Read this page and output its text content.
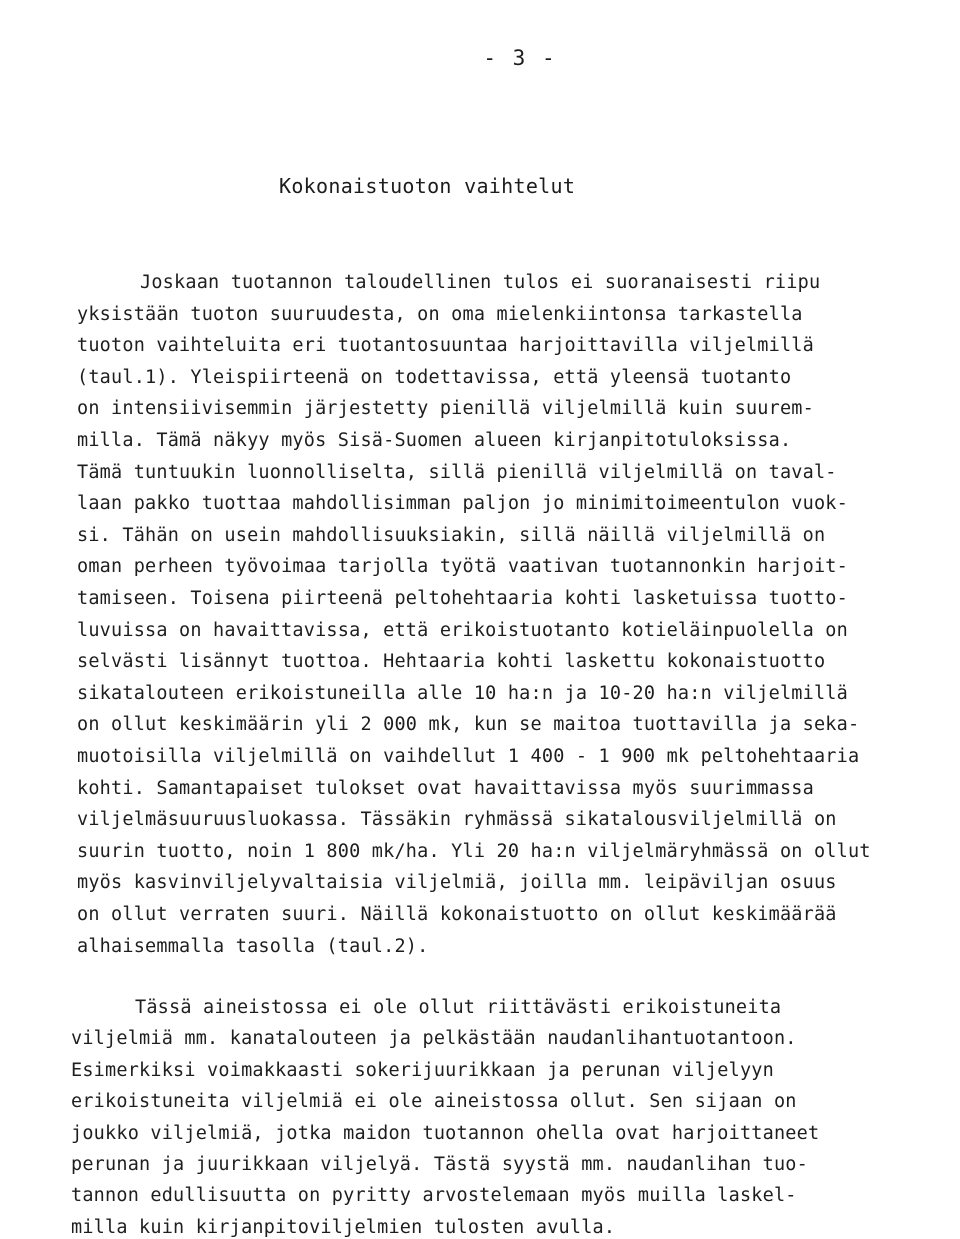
- 3 -
Kokonaistuoton vaihtelut
Joskaan tuotannon taloudellinen tulos ei suoranaisesti riipu
yksistään tuoton suuruudesta, on oma mielenkiintonsa tarkastella
tuoton vaihteluita eri tuotantosuuntaa harjoittavilla viljelmillä
(taul.1). Yleispiirteenä on todettavissa, että yleensä tuotanto
on intensiivisemmin järjestetty pienillä viljelmillä kuin suurem-
milla. Tämä näkyy myös Sisä-Suomen alueen kirjanpitotuloksissa.
Tämä tuntuukin luonnolliselta, sillä pienillä viljelmillä on taval-
laan pakko tuottaa mahdollisimman paljon jo minimitoimeentulon vuok-
si. Tähän on usein mahdollisuuksiakin, sillä näillä viljelmillä on
oman perheen työvoimaa tarjolla työtä vaativan tuotannonkin harjoit-
tamiseen. Toisena piirteenä peltohehtaaria kohti lasketuissa tuotto-
luvuissa on havaittavissa, että erikoistuotanto kotieläinpuolella on
selvästi lisännyt tuottoa. Hehtaaria kohti laskettu kokonaistuotto
sikatalouteen erikoistuneilla alle 10 ha:n ja 10-20 ha:n viljelmillä
on ollut keskimäärin yli 2 000 mk, kun se maitoa tuottavilla ja seka-
muotoisilla viljelmillä on vaihdellut 1 400 - 1 900 mk peltohehtaaria
kohti. Samantapaiset tulokset ovat havaittavissa myös suurimmassa
viljelmäsuuruusluokassa. Tässäkin ryhmässä sikatalousviljelmillä on
suurin tuotto, noin 1 800 mk/ha. Yli 20 ha:n viljelmäryhmässä on ollut
myös kasvinviljelyvaltaisia viljelmiä, joilla mm. leipäviljan osuus
on ollut verraten suuri. Näillä kokonaistuotto on ollut keskimäärää
alhaisemmalla tasolla (taul.2).
Tässä aineistossa ei ole ollut riittävästi erikoistuneita
viljelmiä mm. kanatalouteen ja pelkästään naudanlihantuotantoon.
Esimerkiksi voimakkaasti sokerijuurikkaan ja perunan viljelyyn
erikoistuneita viljelmiä ei ole aineistossa ollut. Sen sijaan on
joukko viljelmiä, jotka maidon tuotannon ohella ovat harjoittaneet
perunan ja juurikkaan viljelyä. Tästä syystä mm. naudanlihan tuo-
tannon edullisuutta on pyritty arvostelemaan myös muilla laskel-
milla kuin kirjanpitoviljelmien tulosten avulla.
